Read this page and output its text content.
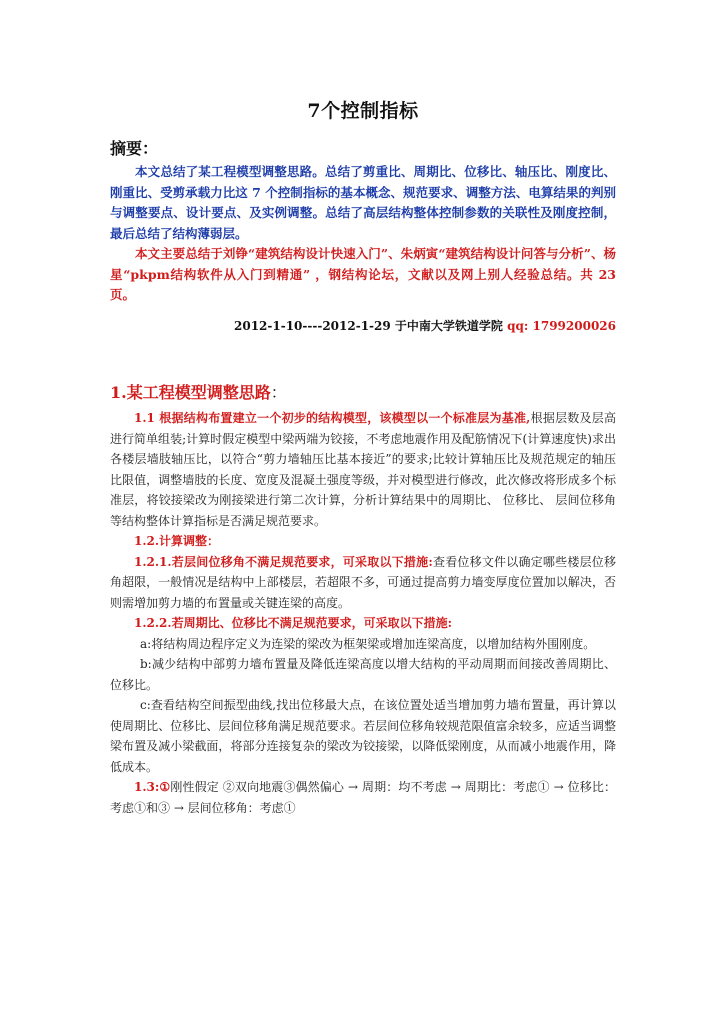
7个控制指标
摘要：

本文总结了某工程模型调整思路。总结了剪重比、周期比、位移比、轴压比、刚度比、刚重比、受剪承载力比这 7 个控制指标的基本概念、规范要求、调整方法、电算结果的判别与调整要点、设计要点、及实例调整。总结了高层结构整体控制参数的关联性及刚度控制，最后总结了结构薄弱层。

本文主要总结于刘铮“建筑结构设计快速入门”、朱炳寅“建筑结构设计问答与分析”、杨星“pkpm结构软件从入门到精通” ，钢结构论坛，文献以及网上别人经验总结。共 23 页。

2012-1-10----2012-1-29 于中南大学铁道学院 qq: 1799200026
1.某工程模型调整思路：

1.1 根据结构布置建立一个初步的结构模型，该模型以一个标准层为基准,根据层数及层高进行简单组装;计算时假定模型中梁两端为铰接，不考虑地震作用及配筋情况下(计算速度快)求出各楼层墙肢轴压比，以符合“剪力墙轴压比基本接近”的要求;比较计算轴压比及规范规定的轴压比限值，调整墙肢的长度、宽度及混凝土强度等级，并对模型进行修改，此次修改将形成多个标准层，将铰接梁改为刚接梁进行第二次计算，分析计算结果中的周期比、 位移比、 层间位移角等结构整体计算指标是否满足规范要求。

1.2.计算调整：

1.2.1.若层间位移角不满足规范要求，可采取以下措施:查看位移文件以确定哪些楼层位移角超限，一般情况是结构中上部楼层，若超限不多，可通过提高剪力墙变厚度位置加以解决，否则需增加剪力墙的布置量或关键连梁的高度。

1.2.2.若周期比、位移比不满足规范要求，可采取以下措施:

a:将结构周边程序定义为连梁的梁改为框架梁或增加连梁高度，以增加结构外围刚度。

b:减少结构中部剪力墙布置量及降低连梁高度以增大结构的平动周期而间接改善周期比、位移比。

c:查看结构空间振型曲线,找出位移最大点，在该位置处适当增加剪力墙布置量，再计算以使周期比、位移比、层间位移角满足规范要求。若层间位移角较规范限值富余较多，应适当调整梁布置及减小梁截面，将部分连接复杂的梁改为铰接梁，以降低梁刚度，从而减小地震作用，降低成本。

1.3:①刚性假定 ②双向地震③偶然偏心 → 周期：均不考虑 → 周期比：考虑① → 位移比：考虑①和③ → 层间位移角：考虑①
